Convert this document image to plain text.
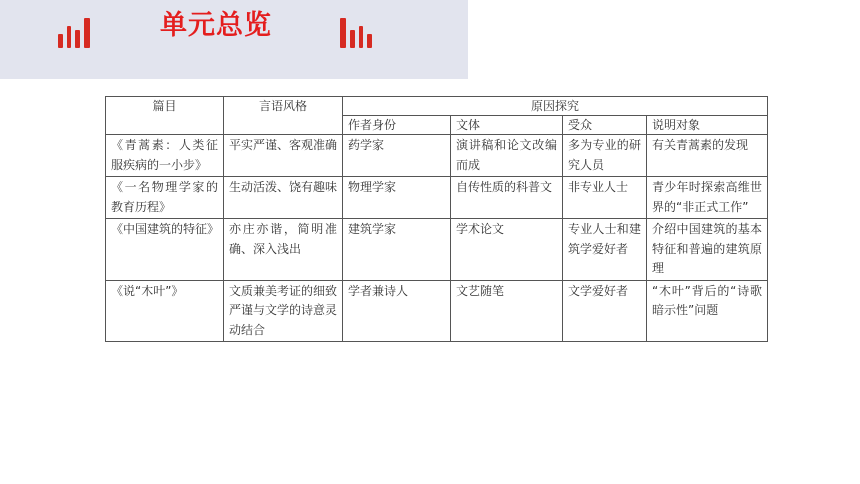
单元总览
篇目	言语风格	原因探究			
		作者身份	文体	受众	说明对象
《青蒿素：人类征服疾病的一小步》	平实严谨、客观准确	药学家	演讲稿和论文改编而成	多为专业的研究人员	有关青蒿素的发现
《一名物理学家的教育历程》	生动活泼、饶有趣味	物理学家	自传性质的科普文	非专业人士	青少年时探索高维世界的“非正式工作”
《中国建筑的特征》	亦庄亦谐，简明准确、深入浅出	建筑学家	学术论文	专业人士和建筑学爱好者	介绍中国建筑的基本特征和普遍的建筑原理
《说“木叶”》	文质兼美考证的细致严谨与文学的诗意灵动结合	学者兼诗人	文艺随笔	文学爱好者	“木叶”背后的“诗歌暗示性”问题
